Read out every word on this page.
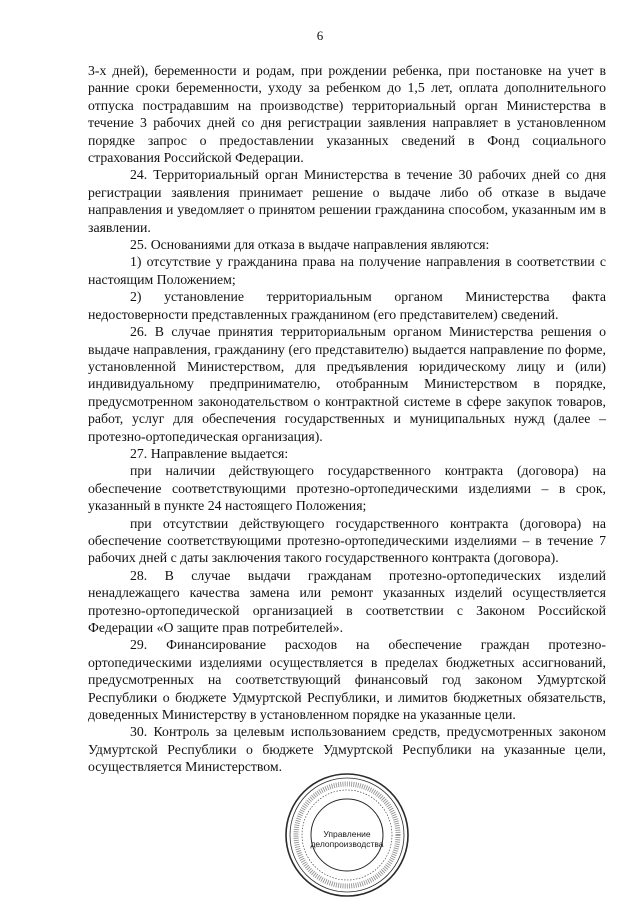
6

3-х дней), беременности и родам, при рождении ребенка, при постановке на учет в ранние сроки беременности, уходу за ребенком до 1,5 лет, оплата дополнительного отпуска пострадавшим на производстве) территориальный орган Министерства в течение 3 рабочих дней со дня регистрации заявления направляет в установленном порядке запрос о предоставлении указанных сведений в Фонд социального страхования Российской Федерации.

24. Территориальный орган Министерства в течение 30 рабочих дней со дня регистрации заявления принимает решение о выдаче либо об отказе в выдаче направления и уведомляет о принятом решении гражданина способом, указанным им в заявлении.

25. Основаниями для отказа в выдаче направления являются:

1) отсутствие у гражданина права на получение направления в соответствии с настоящим Положением;

2) установление территориальным органом Министерства факта недостоверности представленных гражданином (его представителем) сведений.

26. В случае принятия территориальным органом Министерства решения о выдаче направления, гражданину (его представителю) выдается направление по форме, установленной Министерством, для предъявления юридическому лицу и (или) индивидуальному предпринимателю, отобранным Министерством в порядке, предусмотренном законодательством о контрактной системе в сфере закупок товаров, работ, услуг для обеспечения государственных и муниципальных нужд (далее – протезно-ортопедическая организация).

27. Направление выдается:

при наличии действующего государственного контракта (договора) на обеспечение соответствующими протезно-ортопедическими изделиями – в срок, указанный в пункте 24 настоящего Положения;

при отсутствии действующего государственного контракта (договора) на обеспечение соответствующими протезно-ортопедическими изделиями – в течение 7 рабочих дней с даты заключения такого государственного контракта (договора).

28. В случае выдачи гражданам протезно-ортопедических изделий ненадлежащего качества замена или ремонт указанных изделий осуществляется протезно-ортопедической организацией в соответствии с Законом Российской Федерации «О защите прав потребителей».

29. Финансирование расходов на обеспечение граждан протезно-ортопедическими изделиями осуществляется в пределах бюджетных ассигнований, предусмотренных на соответствующий финансовый год законом Удмуртской Республики о бюджете Удмуртской Республики, и лимитов бюджетных обязательств, доведенных Министерству в установленном порядке на указанные цели.

30. Контроль за целевым использованием средств, предусмотренных законом Удмуртской Республики о бюджете Удмуртской Республики на указанные цели, осуществляется Министерством.

Управление
делопроизводства
